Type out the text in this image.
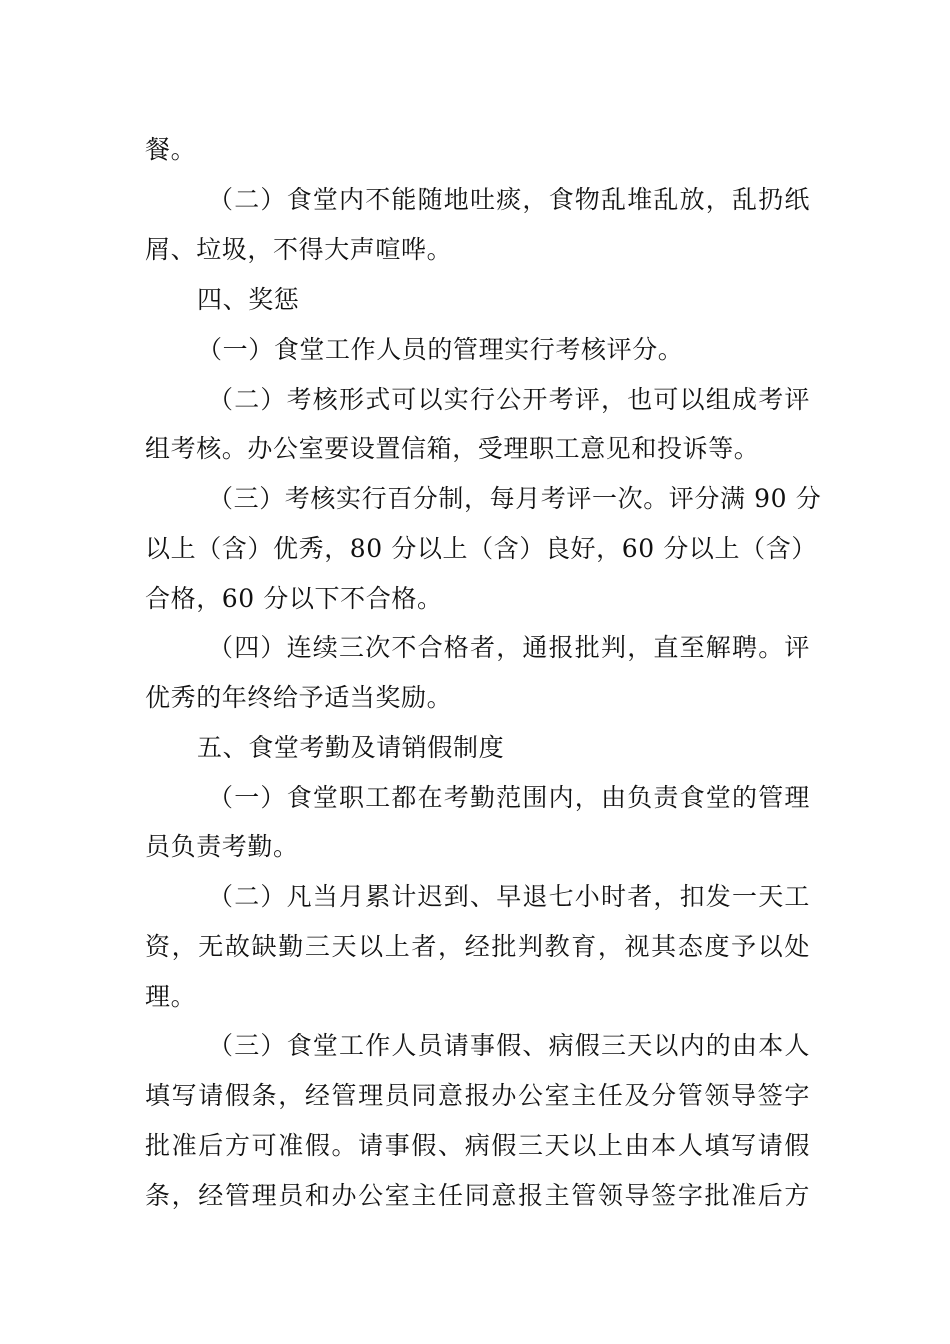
餐。
（二）食堂内不能随地吐痰，食物乱堆乱放，乱扔纸
屑、垃圾，不得大声喧哗。
四、奖惩
（一）食堂工作人员的管理实行考核评分。
（二）考核形式可以实行公开考评，也可以组成考评
组考核。办公室要设置信箱，受理职工意见和投诉等。
（三）考核实行百分制，每月考评一次。评分满 90 分
以上（含）优秀，80 分以上（含）良好，60 分以上（含）
合格，60 分以下不合格。
（四）连续三次不合格者，通报批判，直至解聘。评
优秀的年终给予适当奖励。
五、食堂考勤及请销假制度
（一）食堂职工都在考勤范围内，由负责食堂的管理
员负责考勤。
（二）凡当月累计迟到、早退七小时者，扣发一天工
资，无故缺勤三天以上者，经批判教育，视其态度予以处
理。
（三）食堂工作人员请事假、病假三天以内的由本人
填写请假条，经管理员同意报办公室主任及分管领导签字
批准后方可准假。请事假、病假三天以上由本人填写请假
条，经管理员和办公室主任同意报主管领导签字批准后方
